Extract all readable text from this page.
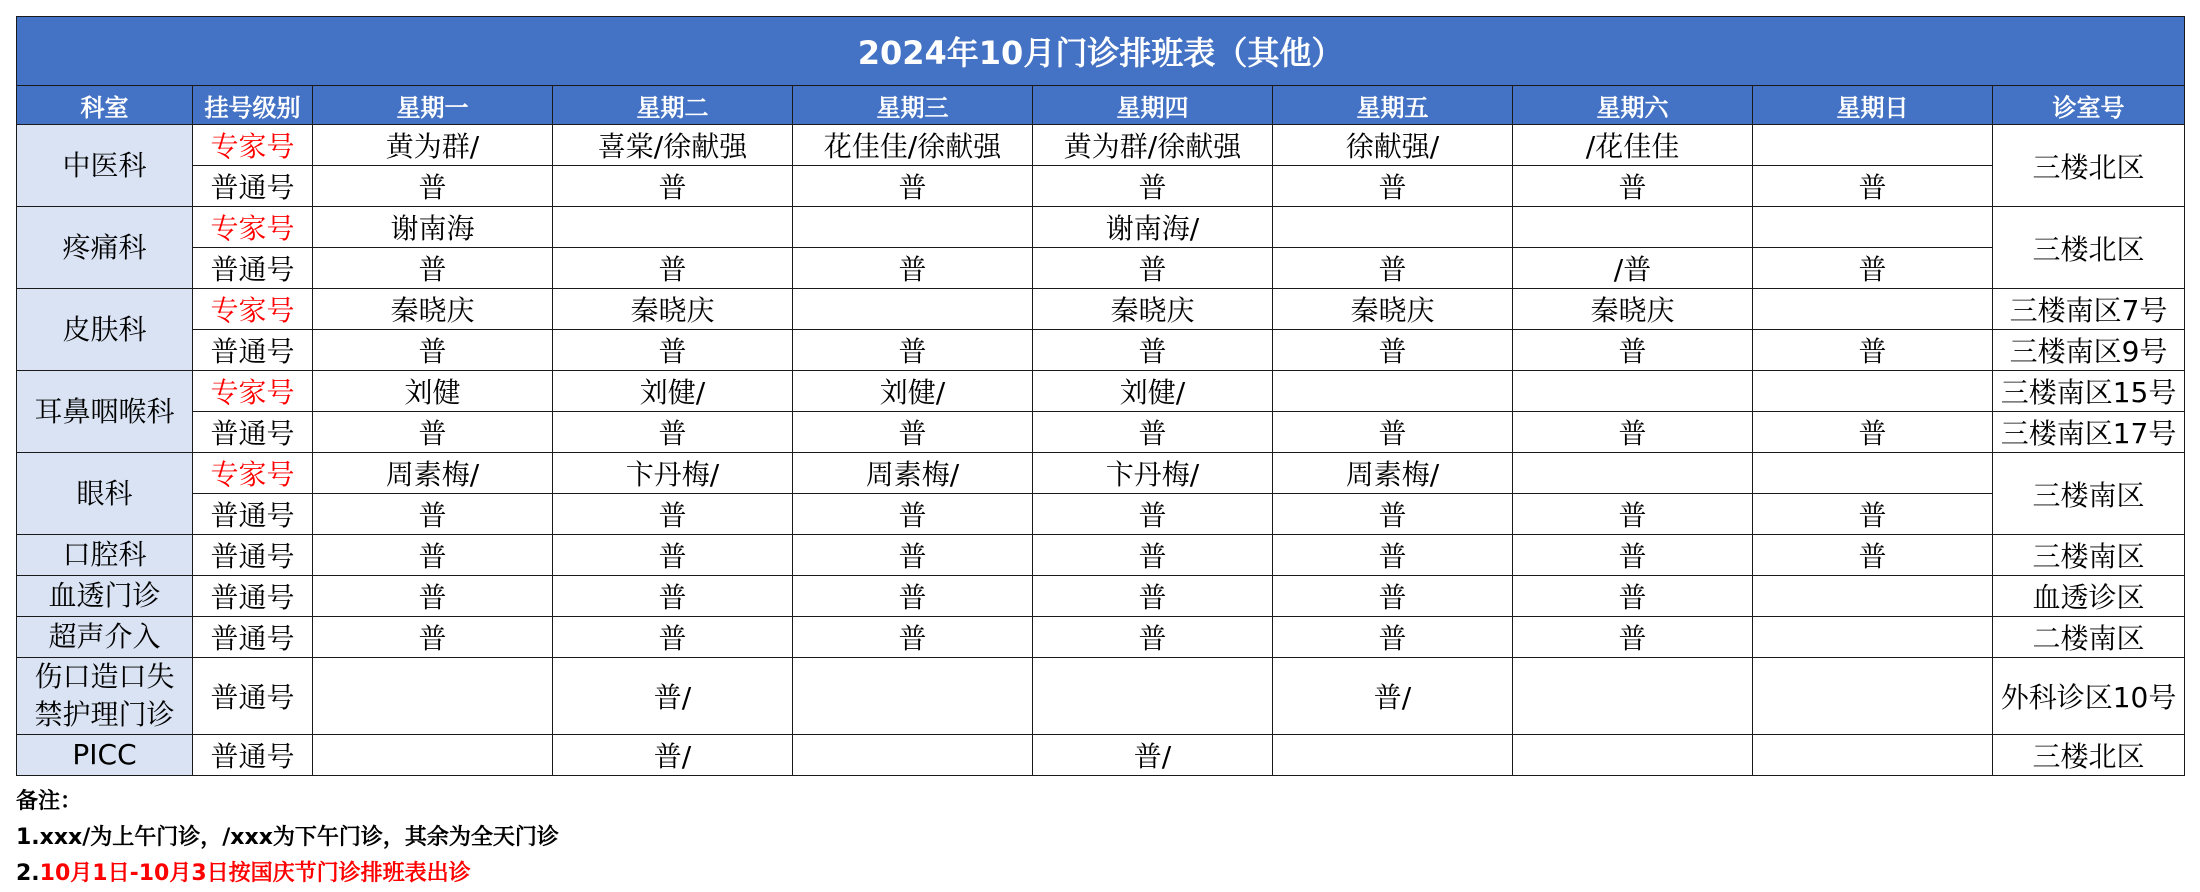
2024年10月门诊排班表（其他）									
科室	挂号级别	星期一	星期二	星期三	星期四	星期五	星期六	星期日	诊室号
中医科	专家号	黄为群/	喜棠/徐献强	花佳佳/徐献强	黄为群/徐献强	徐献强/	/花佳佳		三楼北区
	普通号	普	普	普	普	普	普	普	
疼痛科	专家号	谢南海			谢南海/				三楼北区
	普通号	普	普	普	普	普	/普	普	
皮肤科	专家号	秦晓庆	秦晓庆		秦晓庆	秦晓庆	秦晓庆		三楼南区7号
	普通号	普	普	普	普	普	普	普	三楼南区9号
耳鼻咽喉科	专家号	刘健	刘健/	刘健/	刘健/				三楼南区15号
	普通号	普	普	普	普	普	普	普	三楼南区17号
眼科	专家号	周素梅/	卞丹梅/	周素梅/	卞丹梅/	周素梅/			三楼南区
	普通号	普	普	普	普	普	普	普	
口腔科	普通号	普	普	普	普	普	普	普	三楼南区
血透门诊	普通号	普	普	普	普	普	普		血透诊区
超声介入	普通号	普	普	普	普	普	普		二楼南区

伤口造口失
禁护理门诊	普通号		普/			普/			外科诊区10号
PICC	普通号		普/		普/				三楼北区
备注：
1.xxx/为上午门诊，/xxx为下午门诊，其余为全天门诊
2.10月1日-10月3日按国庆节门诊排班表出诊
